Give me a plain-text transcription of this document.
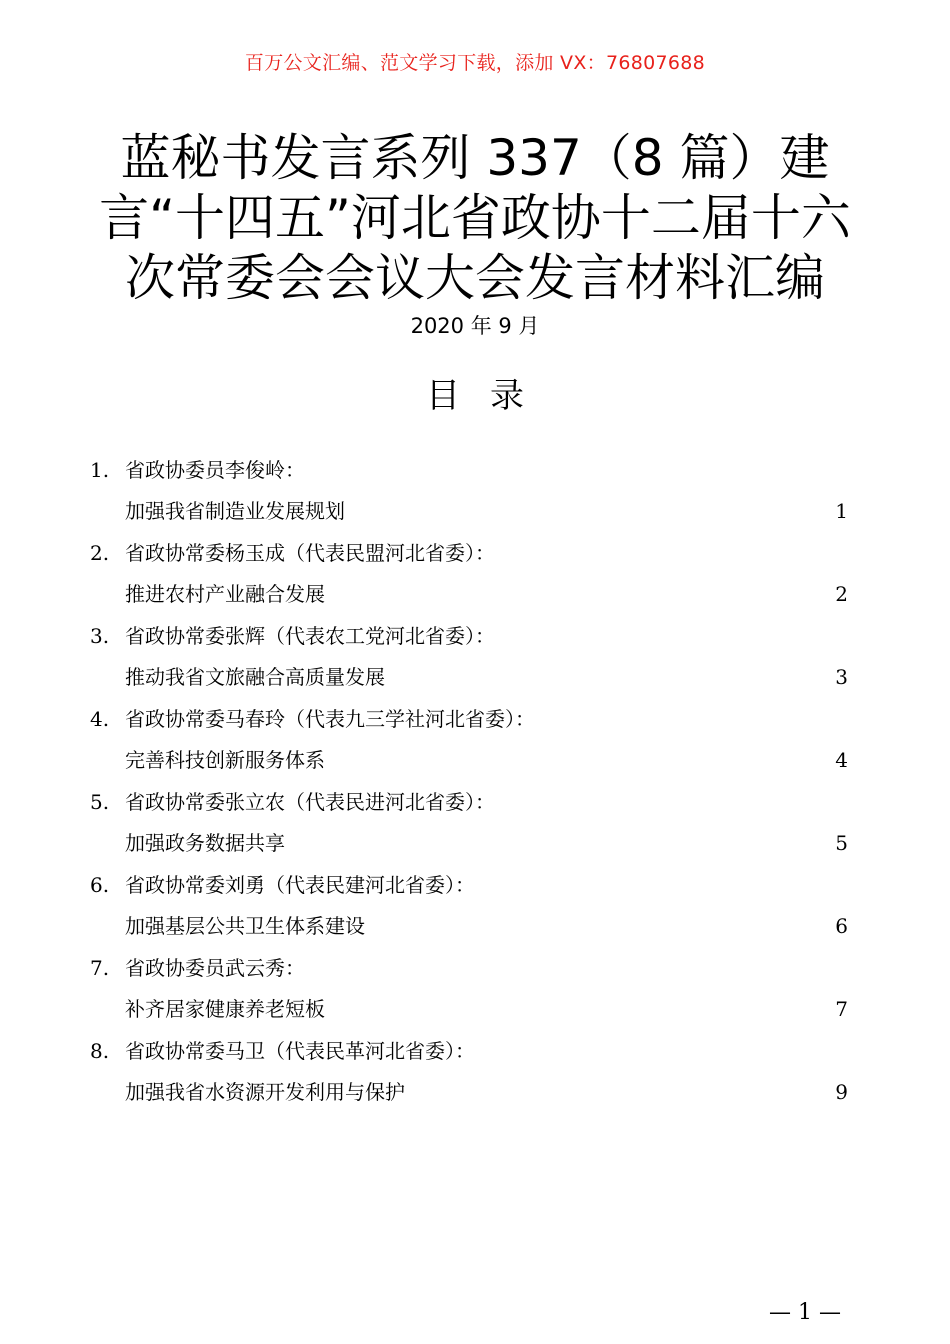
百万公文汇编、范文学习下载，添加 VX：76807688
蓝秘书发言系列 337（8 篇）建
言“十四五”河北省政协十二届十六
次常委会会议大会发言材料汇编
2020 年 9 月
目录
1. 省政协委员李俊岭：
加强我省制造业发展规划	1
2. 省政协常委杨玉成（代表民盟河北省委）：
推进农村产业融合发展	2
3. 省政协常委张辉（代表农工党河北省委）：
推动我省文旅融合高质量发展	3
4. 省政协常委马春玲（代表九三学社河北省委）：
完善科技创新服务体系	4
5. 省政协常委张立农（代表民进河北省委）：
加强政务数据共享	5
6. 省政协常委刘勇（代表民建河北省委）：
加强基层公共卫生体系建设	6
7. 省政协委员武云秀：
补齐居家健康养老短板	7
8. 省政协常委马卫（代表民革河北省委）：
加强我省水资源开发利用与保护	9
— 1 —
